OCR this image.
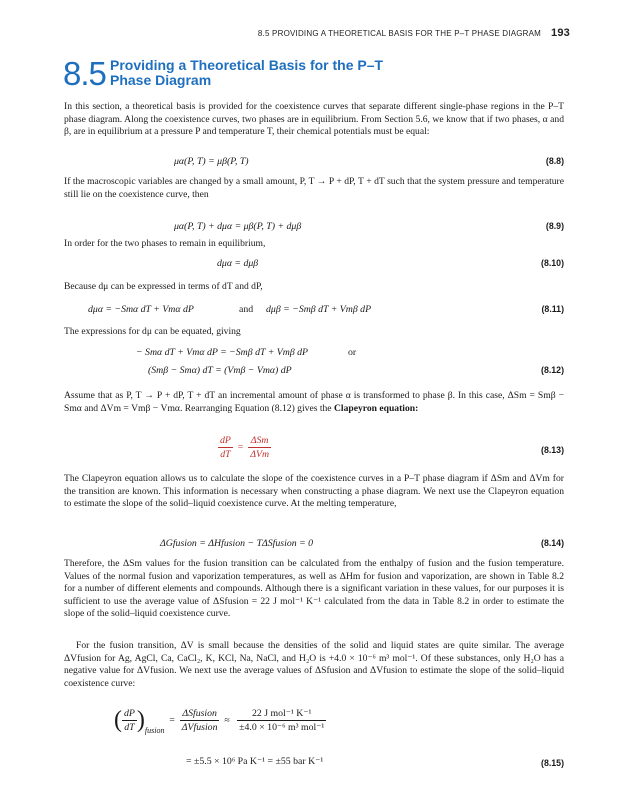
8.5 PROVIDING A THEORETICAL BASIS FOR THE P–T PHASE DIAGRAM 193
8.5 Providing a Theoretical Basis for the P–T
Phase Diagram
In this section, a theoretical basis is provided for the coexistence curves that separate different single-phase regions in the P–T phase diagram. Along the coexistence curves, two phases are in equilibrium. From Section 5.6, we know that if two phases, α and β, are in equilibrium at a pressure P and temperature T, their chemical potentials must be equal:
μα(P, T) = μβ(P, T)	(8.8)
If the macroscopic variables are changed by a small amount, P, T → P + dP, T + dT such that the system pressure and temperature still lie on the coexistence curve, then
μα(P, T) + dμα = μβ(P, T) + dμβ	(8.9)
In order for the two phases to remain in equilibrium,
dμα = dμβ	(8.10)
Because dμ can be expressed in terms of dT and dP,
dμα = −Smα dT + Vmα dP	and dμβ = −Smβ dT + Vmβ dP	(8.11)
The expressions for dμ can be equated, giving
− Smα dT + Vmα dP = −Smβ dT + Vmβ dP	or
(Smβ − Smα) dT = (Vmβ − Vmα) dP	(8.12)
Assume that as P, T → P + dP, T + dT an incremental amount of phase α is transformed to phase β. In this case, ΔSm = Smβ − Smα and ΔVm = Vmβ − Vmα. Rearranging Equation (8.12) gives the Clapeyron equation:
$\frac{dP}{dT} = \frac{\text{ΔSm}}{\text{ΔVm}}$	(8.13)
The Clapeyron equation allows us to calculate the slope of the coexistence curves in a P–T phase diagram if ΔSm and ΔVm for the transition are known. This information is necessary when constructing a phase diagram. We next use the Clapeyron equation to estimate the slope of the solid–liquid coexistence curve. At the melting temperature,
ΔGfusion = ΔHfusion − TΔSfusion = 0	(8.14)
Therefore, the ΔSm values for the fusion transition can be calculated from the enthalpy of fusion and the fusion temperature. Values of the normal fusion and vaporization temperatures, as well as ΔHm for fusion and vaporization, are shown in Table 8.2 for a number of different elements and compounds. Although there is a significant variation in these values, for our purposes it is sufficient to use the average value of ΔSfusion = 22 J mol⁻¹ K⁻¹ calculated from the data in Table 8.2 in order to estimate the slope of the solid–liquid coexistence curve.
For the fusion transition, ΔV is small because the densities of the solid and liquid states are quite similar. The average ΔVfusion for Ag, AgCl, Ca, CaCl₂, K, KCl, Na, NaCl, and H₂O is +4.0 × 10⁻⁶ m³ mol⁻¹. Of these substances, only H₂O has a negative value for ΔVfusion. We next use the average values of ΔSfusion and ΔVfusion to estimate the slope of the solid–liquid coexistence curve:
( $\frac{dP}{dT} )_{fusion} = \frac{\text{ΔSfusion}}{\text{ΔVfusion}} \approx \frac{\text{22 J mol⁻¹ K⁻¹}}{\text{±4.0 × 10⁻⁶ m³ mol⁻¹}}$
= ±5.5 × 10⁶ Pa K⁻¹ = ±55 bar K⁻¹	(8.15)
